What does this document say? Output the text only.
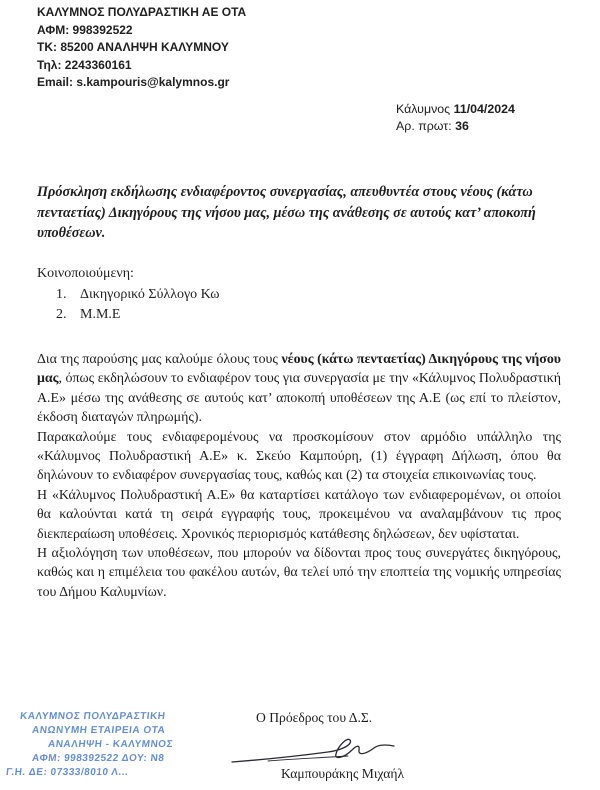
ΚΑΛΥΜΝΟΣ ΠΟΛΥΔΡΑΣΤΙΚΗ ΑΕ ΟΤΑ
ΑΦΜ: 998392522
ΤΚ: 85200 ΑΝΑΛΗΨΗ ΚΑΛΥΜΝΟΥ
Τηλ: 2243360161
Email: s.kampouris@kalymnos.gr
Κάλυμνος 11/04/2024
Αρ. πρωτ: 36
Πρόσκληση εκδήλωσης ενδιαφέροντος συνεργασίας, απευθυντέα στους νέους (κάτω πενταετίας) Δικηγόρους της νήσου μας, μέσω της ανάθεσης σε αυτούς κατ’ αποκοπή υποθέσεων.
Κοινοποιούμενη:
1. Δικηγορικό Σύλλογο Κω
2. Μ.Μ.Ε

Δια της παρούσης μας καλούμε όλους τους νέους (κάτω πενταετίας) Δικηγόρους της νήσου μας, όπως εκδηλώσουν το ενδιαφέρον τους για συνεργασία με την «Κάλυμνος Πολυδραστική Α.Ε» μέσω της ανάθεσης σε αυτούς κατ’ αποκοπή υποθέσεων της Α.Ε (ως επί το πλείστον, έκδοση διαταγών πληρωμής).

Παρακαλούμε τους ενδιαφερομένους να προσκομίσουν στον αρμόδιο υπάλληλο της «Κάλυμνος Πολυδραστική Α.Ε» κ. Σκεύο Καμπούρη, (1) έγγραφη Δήλωση, όπου θα δηλώνουν το ενδιαφέρον συνεργασίας τους, καθώς και (2) τα στοιχεία επικοινωνίας τους.

Η «Κάλυμνος Πολυδραστική Α.Ε» θα καταρτίσει κατάλογο των ενδιαφερομένων, οι οποίοι θα καλούνται κατά τη σειρά εγγραφής τους, προκειμένου να αναλαμβάνουν τις προς διεκπεραίωση υποθέσεις. Χρονικός περιορισμός κατάθεσης δηλώσεων, δεν υφίσταται.

Η αξιολόγηση των υποθέσεων, που μπορούν να δίδονται προς τους συνεργάτες δικηγόρους, καθώς και η επιμέλεια του φακέλου αυτών, θα τελεί υπό την εποπτεία της νομικής υπηρεσίας του Δήμου Καλυμνίων.

ΚΑΛΥΜΝΟΣ ΠΟΛΥΔΡΑΣΤΙΚΗ
ΑΝΩΝΥΜΗ ΕΤΑΙΡΕΙΑ ΟΤΑ
ΑΝΑΛΗΨΗ - ΚΑΛΥΜΝΟΣ
ΑΦΜ: 998392522 ΔΟΥ: Ν8
Γ.Η. ΔΕ: 07333/8010 Λ...
Ο Πρόεδρος του Δ.Σ.
Καμπουράκης Μιχαήλ
